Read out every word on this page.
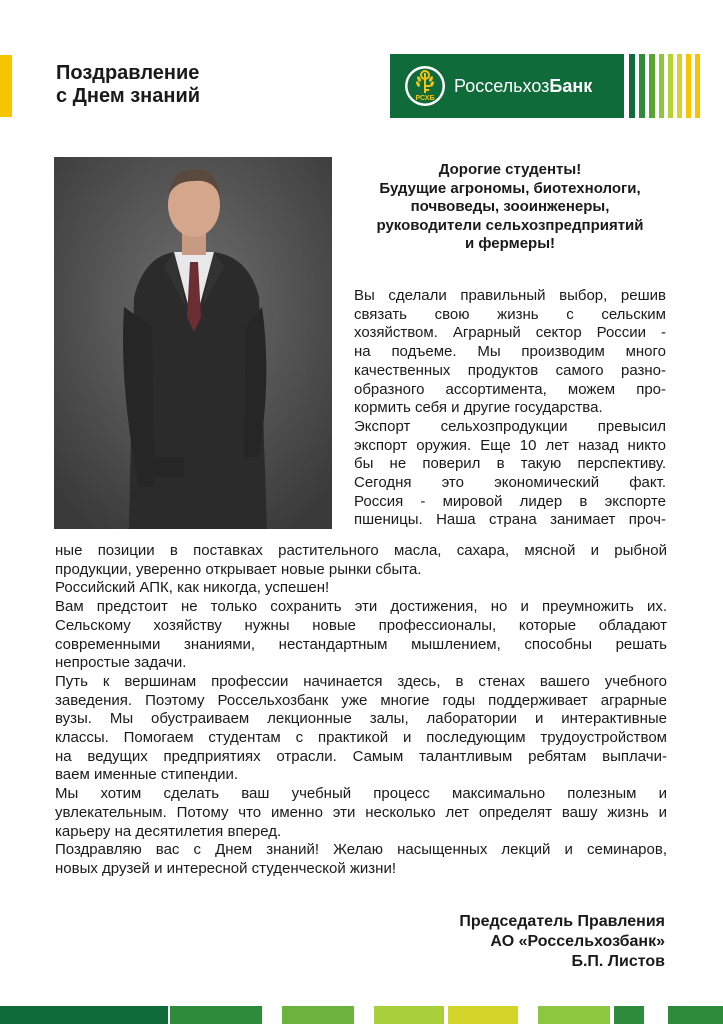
Поздравление
с Днем знаний	РСХБ
РоссельхозБанк
Дорогие студенты!
Будущие агрономы, биотехнологи,
почвоведы, зооинженеры,
руководители сельхозпредприятий
и фермеры!
Вы сделали правильный выбор, решив
связать свою жизнь с сельским
хозяйством. Аграрный сектор России -
на подъеме. Мы производим много
качественных продуктов самого разно-
образного ассортимента, можем про-
кормить себя и другие государства.
Экспорт сельхозпродукции превысил
экспорт оружия. Еще 10 лет назад никто
бы не поверил в такую перспективу.
Сегодня это экономический факт.
Россия - мировой лидер в экспорте
пшеницы. Наша страна занимает проч-
ные позиции в поставках растительного масла, сахара, мясной и рыбной
продукции, уверенно открывает новые рынки сбыта.
Российский АПК, как никогда, успешен!
Вам предстоит не только сохранить эти достижения, но и преумножить их.
Сельскому хозяйству нужны новые профессионалы, которые обладают
современными знаниями, нестандартным мышлением, способны решать
непростые задачи.
Путь к вершинам профессии начинается здесь, в стенах вашего учебного
заведения. Поэтому Россельхозбанк уже многие годы поддерживает аграрные
вузы. Мы обустраиваем лекционные залы, лаборатории и интерактивные
классы. Помогаем студентам с практикой и последующим трудоустройством
на ведущих предприятиях отрасли. Самым талантливым ребятам выплачи-
ваем именные стипендии.
Мы хотим сделать ваш учебный процесс максимально полезным и
увлекательным. Потому что именно эти несколько лет определят вашу жизнь и
карьеру на десятилетия вперед.
Поздравляю вас с Днем знаний! Желаю насыщенных лекций и семинаров,
новых друзей и интересной студенческой жизни!
Председатель Правления
АО «Россельхозбанк»
Б.П. Листов
